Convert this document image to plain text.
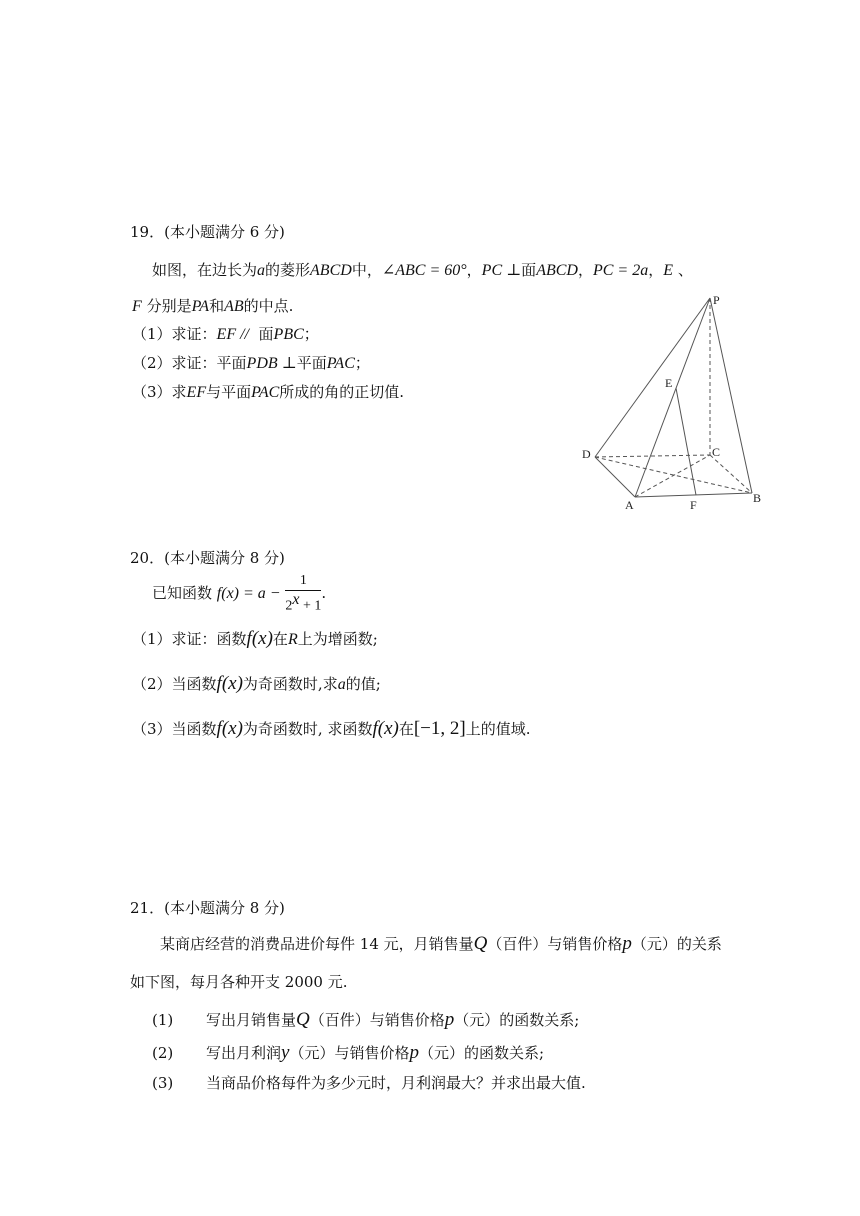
19．(本小题满分 6 分)
如图，在边长为a的菱形ABCD中，∠ABC = 60°，PC ⊥面ABCD，PC = 2a，E 、
F 分别是PA和AB的中点.
（1）求证：EF // 面PBC；
（2）求证：平面PDB ⊥平面PAC；
（3）求EF与平面PAC所成的角的正切值.
P
E
C
D
A	F	B
20．(本小题满分 8 分)
已知函数 $f(x) = a - \frac{1}{2^x + 1}$ .
（1）求证：函数f(x)在R上为增函数;
（2）当函数f(x)为奇函数时,求a的值;
（3）当函数f(x)为奇函数时, 求函数f(x)在[−1, 2]上的值域.
21．(本小题满分 8 分)
某商店经营的消费品进价每件 14 元，月销售量Q（百件）与销售价格p（元）的关系
如下图，每月各种开支 2000 元.
(1) 写出月销售量Q（百件）与销售价格p（元）的函数关系;
(2) 写出月利润y（元）与销售价格p（元）的函数关系;
(3) 当商品价格每件为多少元时，月利润最大？并求出最大值.
